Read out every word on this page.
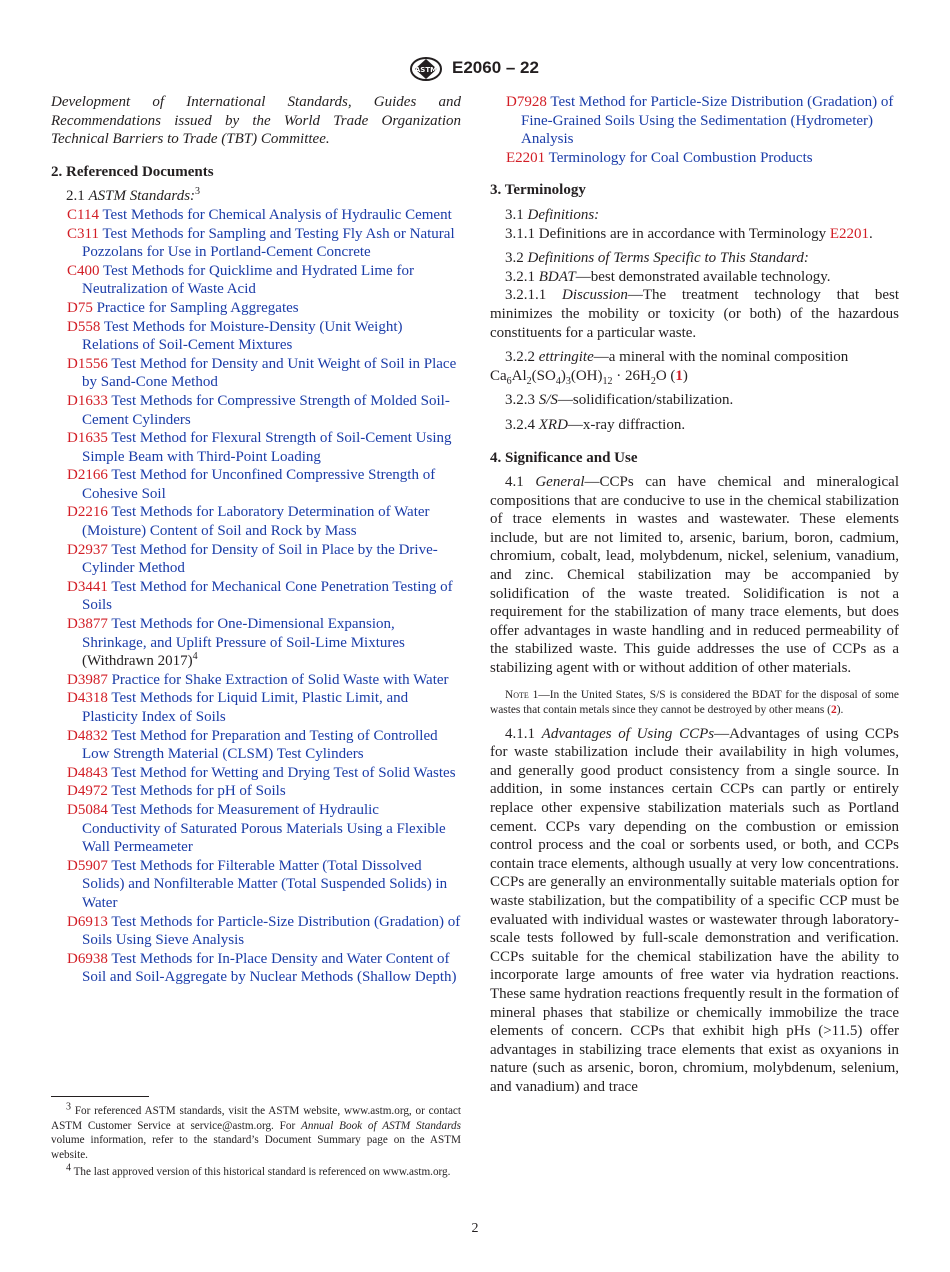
ASTM E2060 – 22

Development of International Standards, Guides and Recommendations issued by the World Trade Organization Technical Barriers to Trade (TBT) Committee.

2. Referenced Documents

2.1 ASTM Standards:$^3$

C114 Test Methods for Chemical Analysis of Hydraulic Cement

C311 Test Methods for Sampling and Testing Fly Ash or Natural Pozzolans for Use in Portland-Cement Concrete

C400 Test Methods for Quicklime and Hydrated Lime for Neutralization of Waste Acid

D75 Practice for Sampling Aggregates

D558 Test Methods for Moisture-Density (Unit Weight) Relations of Soil-Cement Mixtures

D1556 Test Method for Density and Unit Weight of Soil in Place by Sand-Cone Method

D1633 Test Methods for Compressive Strength of Molded Soil-Cement Cylinders

D1635 Test Method for Flexural Strength of Soil-Cement Using Simple Beam with Third-Point Loading

D2166 Test Method for Unconfined Compressive Strength of Cohesive Soil

D2216 Test Methods for Laboratory Determination of Water (Moisture) Content of Soil and Rock by Mass

D2937 Test Method for Density of Soil in Place by the Drive-Cylinder Method

D3441 Test Method for Mechanical Cone Penetration Testing of Soils

D3877 Test Methods for One-Dimensional Expansion, Shrinkage, and Uplift Pressure of Soil-Lime Mixtures (Withdrawn 2017)$^4$

D3987 Practice for Shake Extraction of Solid Waste with Water

D4318 Test Methods for Liquid Limit, Plastic Limit, and Plasticity Index of Soils

D4832 Test Method for Preparation and Testing of Controlled Low Strength Material (CLSM) Test Cylinders

D4843 Test Method for Wetting and Drying Test of Solid Wastes

D4972 Test Methods for pH of Soils

D5084 Test Methods for Measurement of Hydraulic Conductivity of Saturated Porous Materials Using a Flexible Wall Permeameter

D5907 Test Methods for Filterable Matter (Total Dissolved Solids) and Nonfilterable Matter (Total Suspended Solids) in Water

D6913 Test Methods for Particle-Size Distribution (Gradation) of Soils Using Sieve Analysis

D6938 Test Methods for In-Place Density and Water Content of Soil and Soil-Aggregate by Nuclear Methods (Shallow Depth)

$^3$ For referenced ASTM standards, visit the ASTM website, www.astm.org, or contact ASTM Customer Service at service@astm.org. For Annual Book of ASTM Standards volume information, refer to the standard’s Document Summary page on the ASTM website.

$^4$ The last approved version of this historical standard is referenced on www.astm.org.

D7928 Test Method for Particle-Size Distribution (Gradation) of Fine-Grained Soils Using the Sedimentation (Hydrometer) Analysis

E2201 Terminology for Coal Combustion Products

3. Terminology

3.1 Definitions:

3.1.1 Definitions are in accordance with Terminology E2201.

3.2 Definitions of Terms Specific to This Standard:

3.2.1 BDAT—best demonstrated available technology.

3.2.1.1 Discussion—The treatment technology that best minimizes the mobility or toxicity (or both) of the hazardous constituents for a particular waste.

3.2.2 ettringite—a mineral with the nominal composition

$Ca_6Al_2(SO_4)_3(OH)_{12} \cdot 26H_2O$ (1)

3.2.3 S/S—solidification/stabilization.

3.2.4 XRD—x-ray diffraction.

4. Significance and Use

4.1 General—CCPs can have chemical and mineralogical compositions that are conducive to use in the chemical stabilization of trace elements in wastes and wastewater. These elements include, but are not limited to, arsenic, barium, boron, cadmium, chromium, cobalt, lead, molybdenum, nickel, selenium, vanadium, and zinc. Chemical stabilization may be accompanied by solidification of the waste treated. Solidification is not a requirement for the stabilization of many trace elements, but does offer advantages in waste handling and in reduced permeability of the stabilized waste. This guide addresses the use of CCPs as a stabilizing agent with or without addition of other materials.

Note 1—In the United States, S/S is considered the BDAT for the disposal of some wastes that contain metals since they cannot be destroyed by other means (2).

4.1.1 Advantages of Using CCPs—Advantages of using CCPs for waste stabilization include their availability in high volumes, and generally good product consistency from a single source. In addition, in some instances certain CCPs can partly or entirely replace other expensive stabilization materials such as Portland cement. CCPs vary depending on the combustion or emission control process and the coal or sorbents used, or both, and CCPs contain trace elements, although usually at very low concentrations. CCPs are generally an environmentally suitable materials option for waste stabilization, but the compatibility of a specific CCP must be evaluated with individual wastes or wastewater through laboratory-scale tests followed by full-scale demonstration and verification. CCPs suitable for the chemical stabilization have the ability to incorporate large amounts of free water via hydration reactions. These same hydration reactions frequently result in the formation of mineral phases that stabilize or chemically immobilize the trace elements of concern. CCPs that exhibit high pHs (>11.5) offer advantages in stabilizing trace elements that exist as oxyanions in nature (such as arsenic, boron, chromium, molybdenum, selenium, and vanadium) and trace

2
